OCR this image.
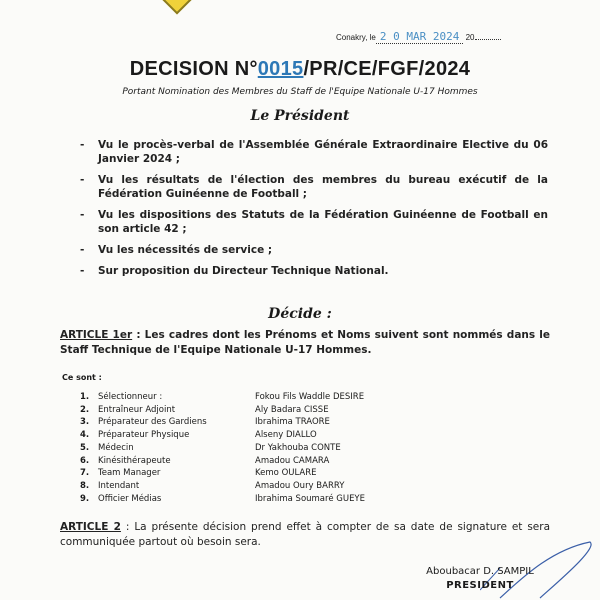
Conakry, le 2 0 MAR 2024 20
DECISION N°0015/PR/CE/FGF/2024
Portant Nomination des Membres du Staff de l'Equipe Nationale U-17 Hommes
Le Président
- Vu le procès-verbal de l'Assemblée Générale Extraordinaire Elective du 06 Janvier 2024 ;
- Vu les résultats de l'élection des membres du bureau exécutif de la Fédération Guinéenne de Football ;
- Vu les dispositions des Statuts de la Fédération Guinéenne de Football en son article 42 ;
- Vu les nécessités de service ;
- Sur proposition du Directeur Technique National.
Décide :
ARTICLE 1er : Les cadres dont les Prénoms et Noms suivent sont nommés dans le Staff Technique de l'Equipe Nationale U-17 Hommes.
Ce sont :
1.	Sélectionneur :	Fokou Fils Waddle DESIRE
2.	Entraîneur Adjoint	Aly Badara CISSE
3.	Préparateur des Gardiens	Ibrahima TRAORE
4.	Préparateur Physique	Alseny DIALLO
5.	Médecin	Dr Yakhouba CONTE
6.	Kinésithérapeute	Amadou CAMARA
7.	Team Manager	Kemo OULARE
8.	Intendant	Amadou Oury BARRY
9.	Officier Médias	Ibrahima Soumaré GUEYE
ARTICLE 2 : La présente décision prend effet à compter de sa date de signature et sera communiquée partout où besoin sera.
Aboubacar D. SAMPIL
PRESIDENT
